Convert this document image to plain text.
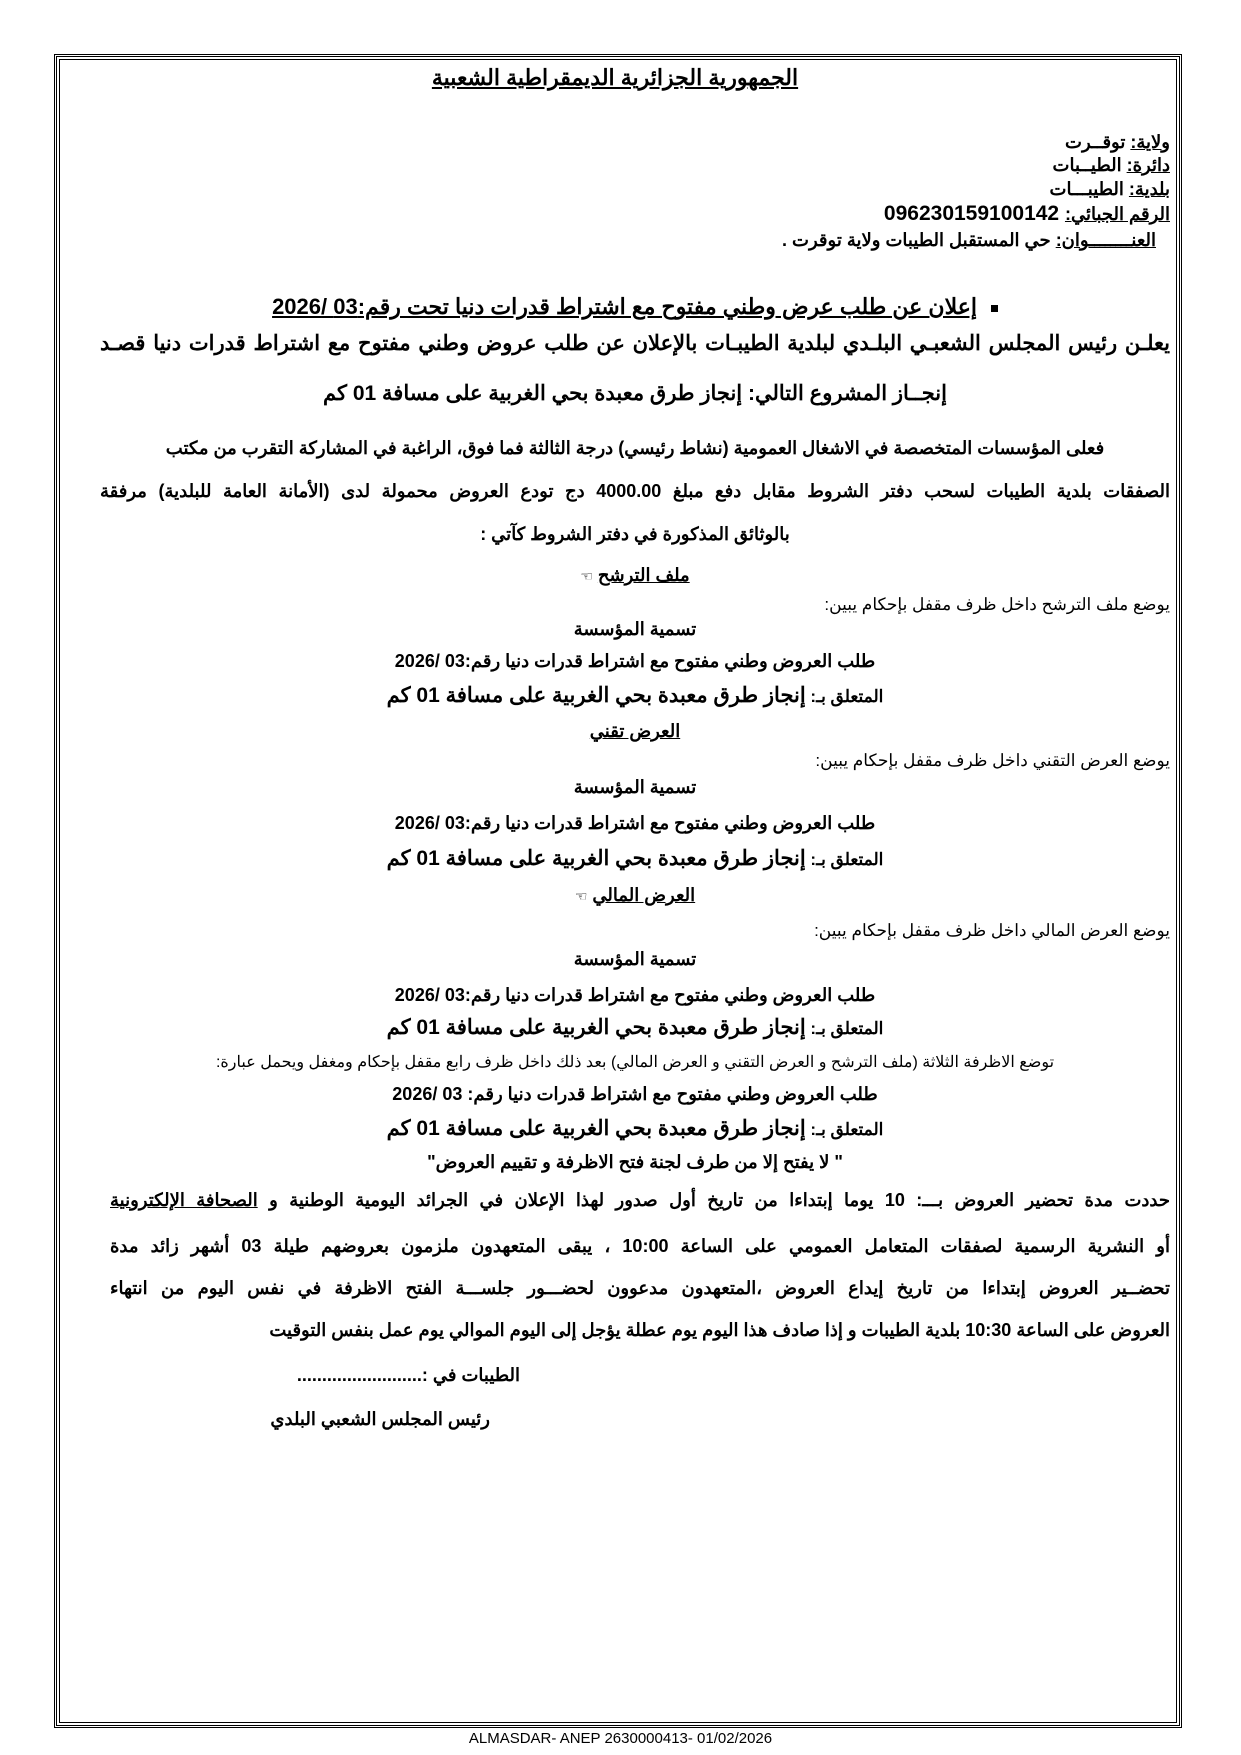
الجمهورية الجزائرية الديمقراطية الشعبية
ولاية: توقــرت
دائرة: الطيــبات
بلدية: الطيبـــات
الرقم الجبائي: 096230159100142
العنــــــــوان: حي المستقبل الطيبات ولاية توقرت .
إعلان عن طلب عرض وطني مفتوح مع اشتراط قدرات دنيا تحت رقم:03 /2026
يعلـن رئيس المجلس الشعبـي البلـدي لبلدية الطيبـات بالإعلان عن طلب عروض وطني مفتوح مع اشتراط قدرات دنيا قصـد
إنجــاز المشروع التالي: إنجاز طرق معبدة بحي الغربية على مسافة 01 كم
فعلى المؤسسات المتخصصة في الاشغال العمومية (نشاط رئيسي) درجة الثالثة فما فوق، الراغبة في المشاركة التقرب من مكتب
الصفقات بلدية الطيبات لسحب دفتر الشروط مقابل دفع مبلغ 4000.00 دج تودع العروض محمولة لدى (الأمانة العامة للبلدية) مرفقة
بالوثائق المذكورة في دفتر الشروط كآتي :
ملف الترشح ☜
يوضع ملف الترشح داخل ظرف مقفل بإحكام يبين:
تسمية المؤسسة
طلب العروض وطني مفتوح مع اشتراط قدرات دنيا رقم:03 /2026
المتعلق بـ: إنجاز طرق معبدة بحي الغربية على مسافة 01 كم
العرض تقني
يوضع العرض التقني داخل ظرف مقفل بإحكام يبين:
تسمية المؤسسة
طلب العروض وطني مفتوح مع اشتراط قدرات دنيا رقم:03 /2026
المتعلق بـ: إنجاز طرق معبدة بحي الغربية على مسافة 01 كم
العرض المالي ☜
يوضع العرض المالي داخل ظرف مقفل بإحكام يبين:
تسمية المؤسسة
طلب العروض وطني مفتوح مع اشتراط قدرات دنيا رقم:03 /2026
المتعلق بـ: إنجاز طرق معبدة بحي الغربية على مسافة 01 كم
توضع الاظرفة الثلاثة (ملف الترشح و العرض التقني و العرض المالي) بعد ذلك داخل ظرف رابع مقفل بإحكام ومغفل ويحمل عبارة:
طلب العروض وطني مفتوح مع اشتراط قدرات دنيا رقم: 03 /2026
المتعلق بـ: إنجاز طرق معبدة بحي الغربية على مسافة 01 كم
" لا يفتح إلا من طرف لجنة فتح الاظرفة و تقييم العروض"
حددت مدة تحضير العروض بـــ: 10 يوما إبتداءا من تاريخ أول صدور لهذا الإعلان في الجرائد اليومية الوطنية و الصحافة الإلكترونية
أو النشرية الرسمية لصفقات المتعامل العمومي على الساعة 10:00 ، يبقى المتعهدون ملزمون بعروضهم طيلة 03 أشهر زائد مدة
تحضــير العروض إبتداءا من تاريخ إيداع العروض ،المتعهدون مدعوون لحضـــور جلســـة الفتح الاظرفة في نفس اليوم من انتهاء
العروض على الساعة 10:30 بلدية الطيبات و إذا صادف هذا اليوم يوم عطلة يؤجل إلى اليوم الموالي يوم عمل بنفس التوقيت
الطيبات في :.........................
رئيس المجلس الشعبي البلدي
ALMASDAR- ANEP 2630000413- 01/02/2026
